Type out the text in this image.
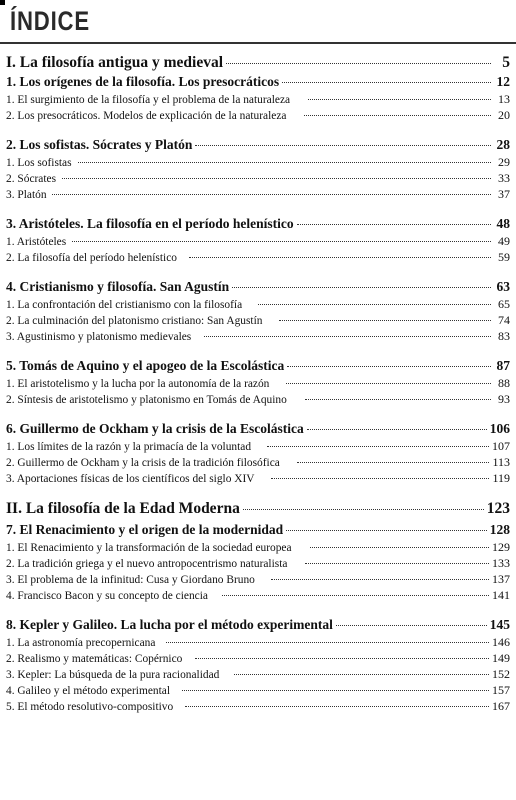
ÍNDICE
I. La filosofía antigua y medieval	5
1. Los orígenes de la filosofía. Los presocráticos	12
1. El surgimiento de la filosofía y el problema de la naturaleza	13
2. Los presocráticos. Modelos de explicación de la naturaleza	20
2. Los sofistas. Sócrates y Platón	28
1. Los sofistas	29
2. Sócrates	33
3. Platón	37
3. Aristóteles. La filosofía en el período helenístico	48
1. Aristóteles	49
2. La filosofía del período helenístico	59
4. Cristianismo y filosofía. San Agustín	63
1. La confrontación del cristianismo con la filosofía	65
2. La culminación del platonismo cristiano: San Agustín	74
3. Agustinismo y platonismo medievales	83
5. Tomás de Aquino y el apogeo de la Escolástica	87
1. El aristotelismo y la lucha por la autonomía de la razón	88
2. Síntesis de aristotelismo y platonismo en Tomás de Aquino	93
6. Guillermo de Ockham y la crisis de la Escolástica	106
1. Los límites de la razón y la primacía de la voluntad	107
2. Guillermo de Ockham y la crisis de la tradición filosófica	113
3. Aportaciones físicas de los científicos del siglo XIV	119
II. La filosofía de la Edad Moderna	123
7. El Renacimiento y el origen de la modernidad	128
1. El Renacimiento y la transformación de la sociedad europea	129
2. La tradición griega y el nuevo antropocentrismo naturalista	133
3. El problema de la infinitud: Cusa y Giordano Bruno	137
4. Francisco Bacon y su concepto de ciencia	141
8. Kepler y Galileo. La lucha por el método experimental	145
1. La astronomía precopernicana	146
2. Realismo y matemáticas: Copérnico	149
3. Kepler: La búsqueda de la pura racionalidad	152
4. Galileo y el método experimental	157
5. El método resolutivo-compositivo	167
